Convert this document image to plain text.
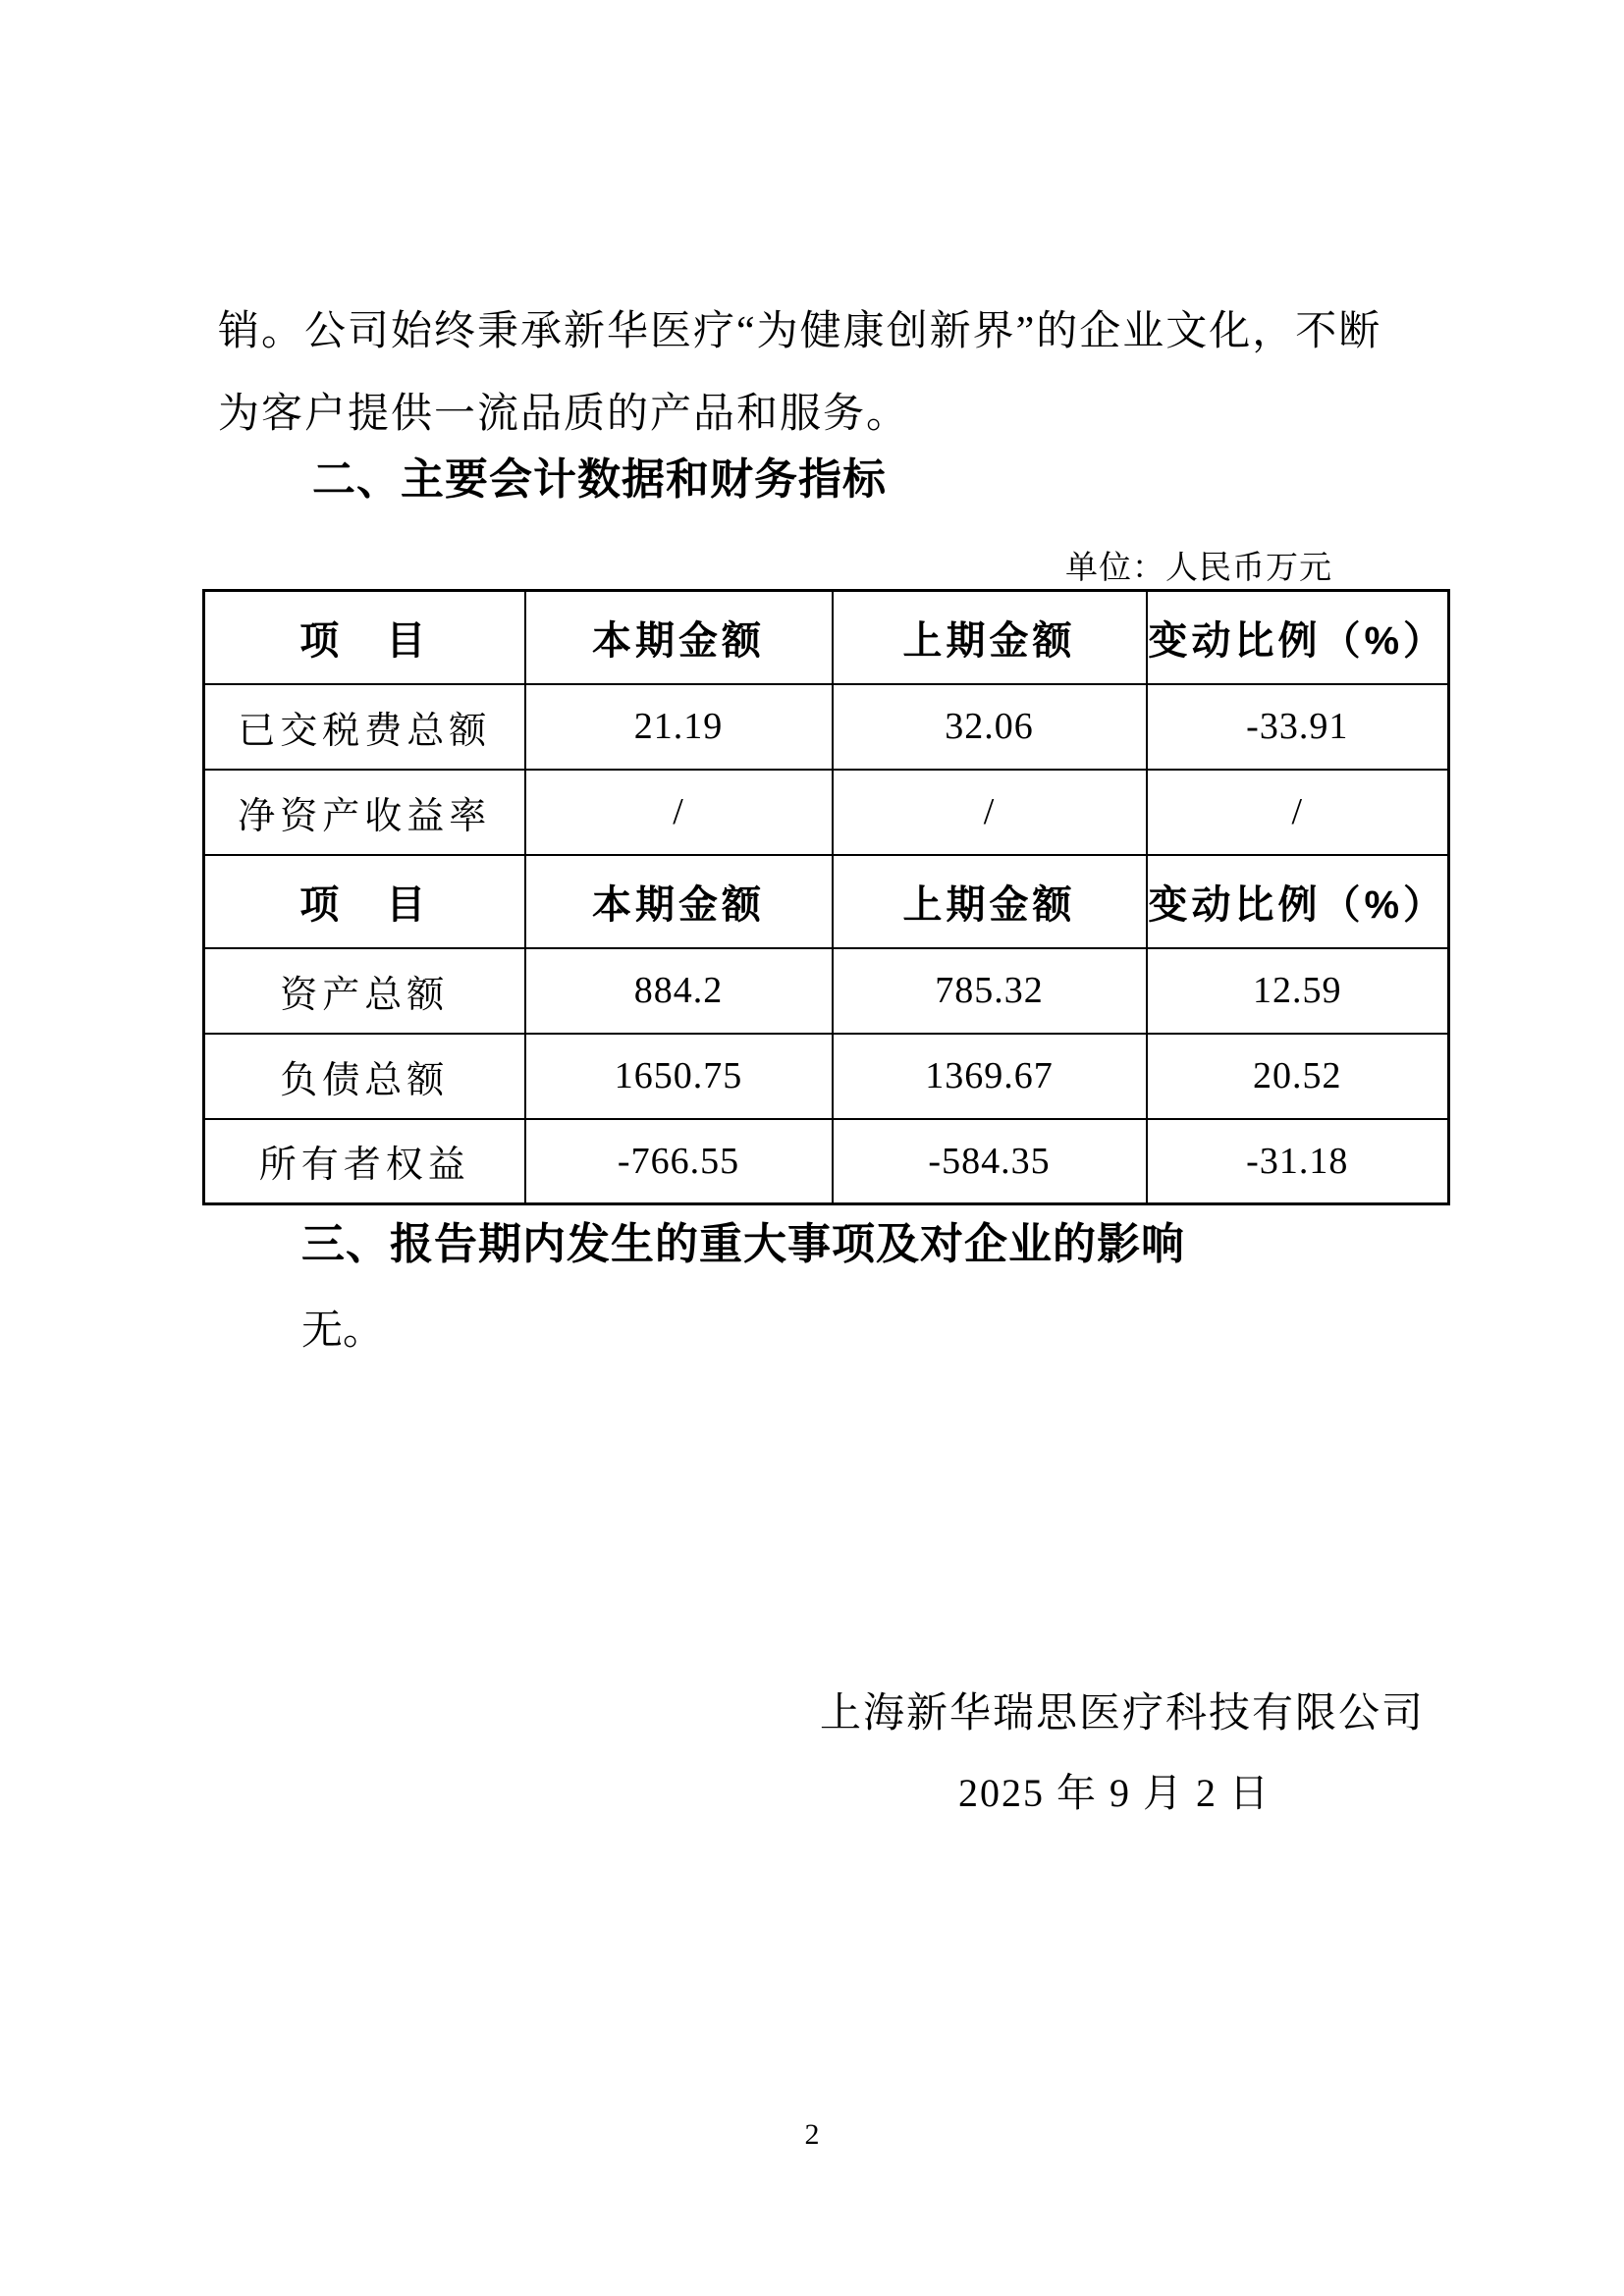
销。公司始终秉承新华医疗“为健康创新界”的企业文化，不断
为客户提供一流品质的产品和服务。
二、主要会计数据和财务指标
单位：人民币万元
项　目	本期金额	上期金额	变动比例（%）
已交税费总额	21.19	32.06	-33.91
净资产收益率	/	/	/
项　目	本期金额	上期金额	变动比例（%）
资产总额	884.2	785.32	12.59
负债总额	1650.75	1369.67	20.52
所有者权益	-766.55	-584.35	-31.18
三、报告期内发生的重大事项及对企业的影响
无。
上海新华瑞思医疗科技有限公司
2025 年 9 月 2 日
2
